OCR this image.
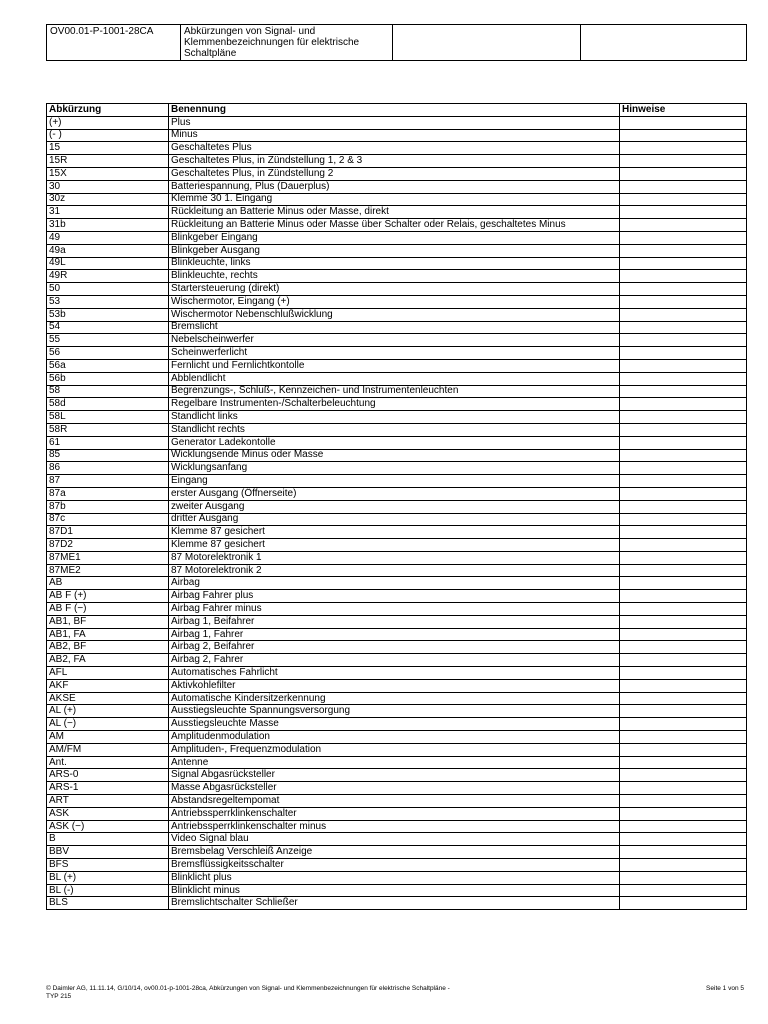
OV00.01-P-1001-28CA	Abkürzungen von Signal- und Klemmenbezeichnungen für elektrische Schaltpläne		
Abkürzung	Benennung	Hinweise
(+)	Plus	
(- )	Minus	
15	Geschaltetes Plus	
15R	Geschaltetes Plus, in Zündstellung 1, 2 & 3	
15X	Geschaltetes Plus, in Zündstellung 2	
30	Batteriespannung, Plus (Dauerplus)	
30z	Klemme 30 1. Eingang	
31	Rückleitung an Batterie Minus oder Masse, direkt	
31b	Rückleitung an Batterie Minus oder Masse über Schalter oder Relais, geschaltetes Minus	
49	Blinkgeber Eingang	
49a	Blinkgeber Ausgang	
49L	Blinkleuchte, links	
49R	Blinkleuchte, rechts	
50	Startersteuerung (direkt)	
53	Wischermotor, Eingang (+)	
53b	Wischermotor Nebenschlußwicklung	
54	Bremslicht	
55	Nebelscheinwerfer	
56	Scheinwerferlicht	
56a	Fernlicht und Fernlichtkontolle	
56b	Abblendlicht	
58	Begrenzungs-, Schluß-, Kennzeichen- und Instrumentenleuchten	
58d	Regelbare Instrumenten-/Schalterbeleuchtung	
58L	Standlicht links	
58R	Standlicht rechts	
61	Generator Ladekontolle	
85	Wicklungsende Minus oder Masse	
86	Wicklungsanfang	
87	Eingang	
87a	erster Ausgang (Öffnerseite)	
87b	zweiter Ausgang	
87c	dritter Ausgang	
87D1	Klemme 87 gesichert	
87D2	Klemme 87 gesichert	
87ME1	87 Motorelektronik 1	
87ME2	87 Motorelektronik 2	
AB	Airbag	
AB F (+)	Airbag Fahrer plus	
AB F (−)	Airbag Fahrer minus	
AB1, BF	Airbag 1, Beifahrer	
AB1, FA	Airbag 1, Fahrer	
AB2, BF	Airbag 2, Beifahrer	
AB2, FA	Airbag 2, Fahrer	
AFL	Automatisches Fahrlicht	
AKF	Aktivkohlefilter	
AKSE	Automatische Kindersitzerkennung	
AL (+)	Ausstiegsleuchte Spannungsversorgung	
AL (−)	Ausstiegsleuchte Masse	
AM	Amplitudenmodulation	
AM/FM	Amplituden-, Frequenzmodulation	
Ant.	Antenne	
ARS-0	Signal Abgasrücksteller	
ARS-1	Masse Abgasrücksteller	
ART	Abstandsregeltempomat	
ASK	Antriebssperrklinkenschalter	
ASK (−)	Antriebssperrklinkenschalter minus	
B	Video Signal blau	
BBV	Bremsbelag Verschleiß Anzeige	
BFS	Bremsflüssigkeitsschalter	
BL (+)	Blinklicht plus	
BL (-)	Blinklicht minus	
BLS	Bremslichtschalter Schließer	
© Daimler AG, 11.11.14, G/10/14, ov00.01-p-1001-28ca, Abkürzungen von Signal- und Klemmenbezeichnungen für elektrische Schaltpläne -
TYP 215
Seite 1 von 5
